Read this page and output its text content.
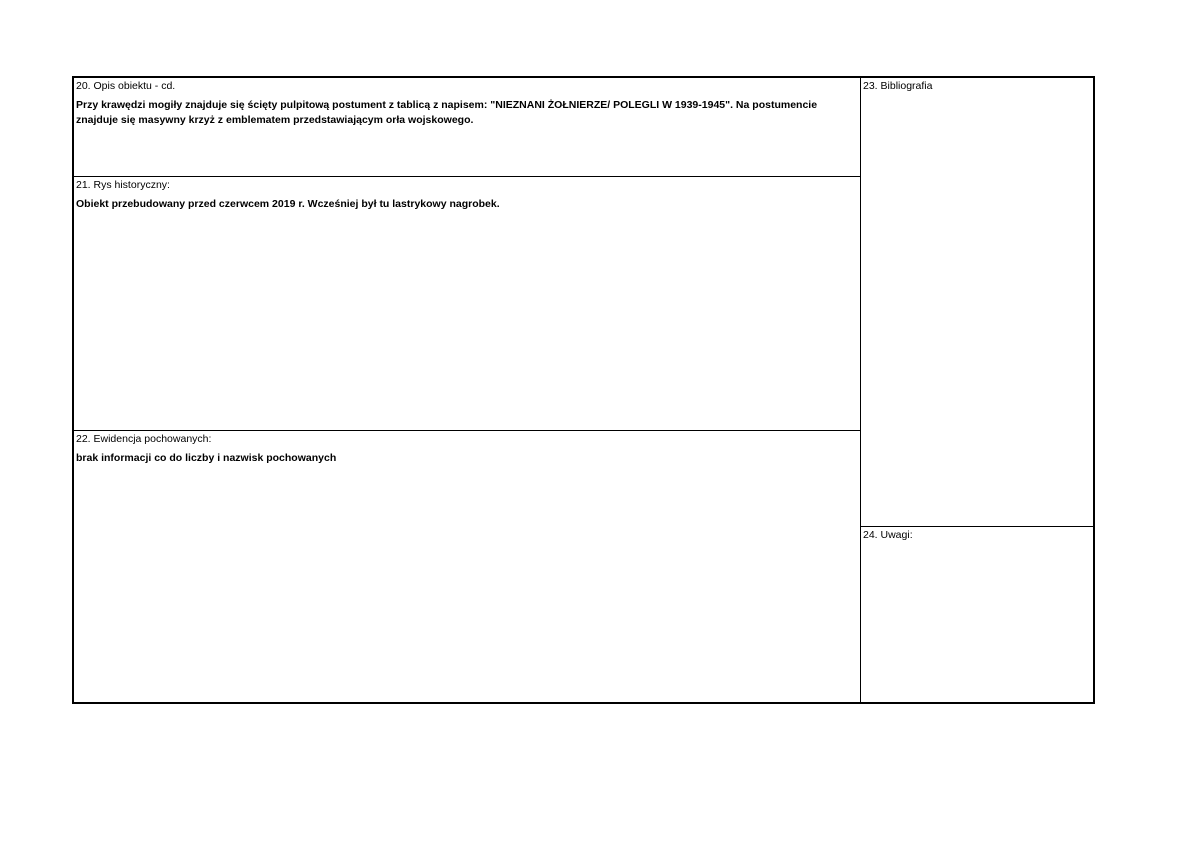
20. Opis obiektu - cd.
Przy krawędzi mogiły znajduje się ścięty pulpitową postument z tablicą z napisem: "NIEZNANI ŻOŁNIERZE/ POLEGLI W 1939-1945". Na postumencie znajduje się masywny krzyż z emblematem przedstawiającym orła wojskowego.
21. Rys historyczny:
Obiekt przebudowany przed czerwcem 2019 r. Wcześniej był tu lastrykowy nagrobek.
22. Ewidencja pochowanych:
brak informacji co do liczby i nazwisk pochowanych
23. Bibliografia
24. Uwagi:
